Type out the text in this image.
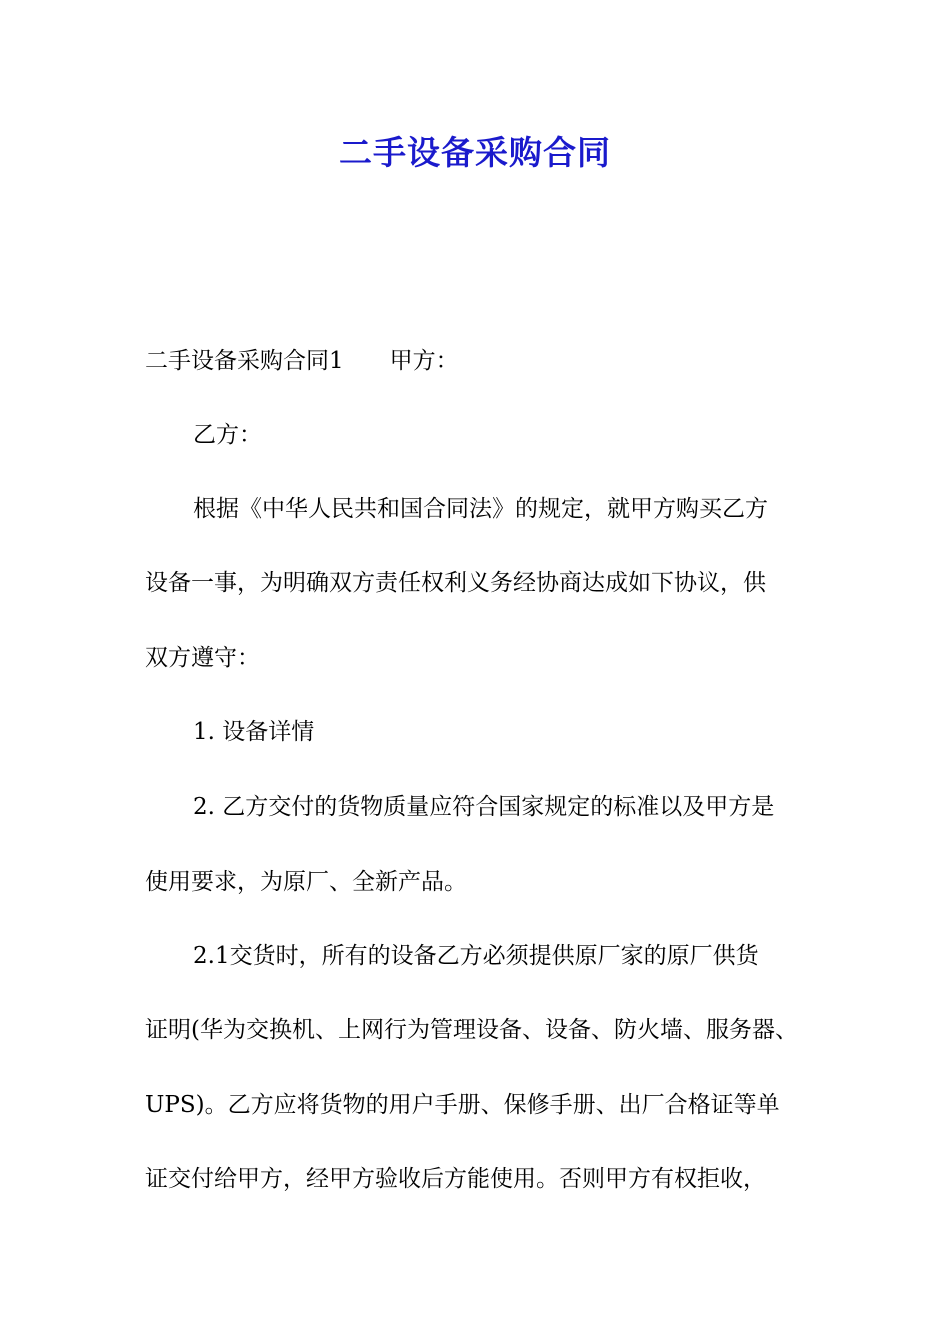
二手设备采购合同
二手设备采购合同1 甲方：
乙方：
根据《中华人民共和国合同法》的规定，就甲方购买乙方
设备一事，为明确双方责任权利义务经协商达成如下协议，供
双方遵守：
1. 设备详情
2. 乙方交付的货物质量应符合国家规定的标准以及甲方是
使用要求，为原厂、全新产品。
2.1交货时，所有的设备乙方必须提供原厂家的原厂供货
证明(华为交换机、上网行为管理设备、设备、防火墙、服务器、
UPS)。乙方应将货物的用户手册、保修手册、出厂合格证等单
证交付给甲方，经甲方验收后方能使用。否则甲方有权拒收，
